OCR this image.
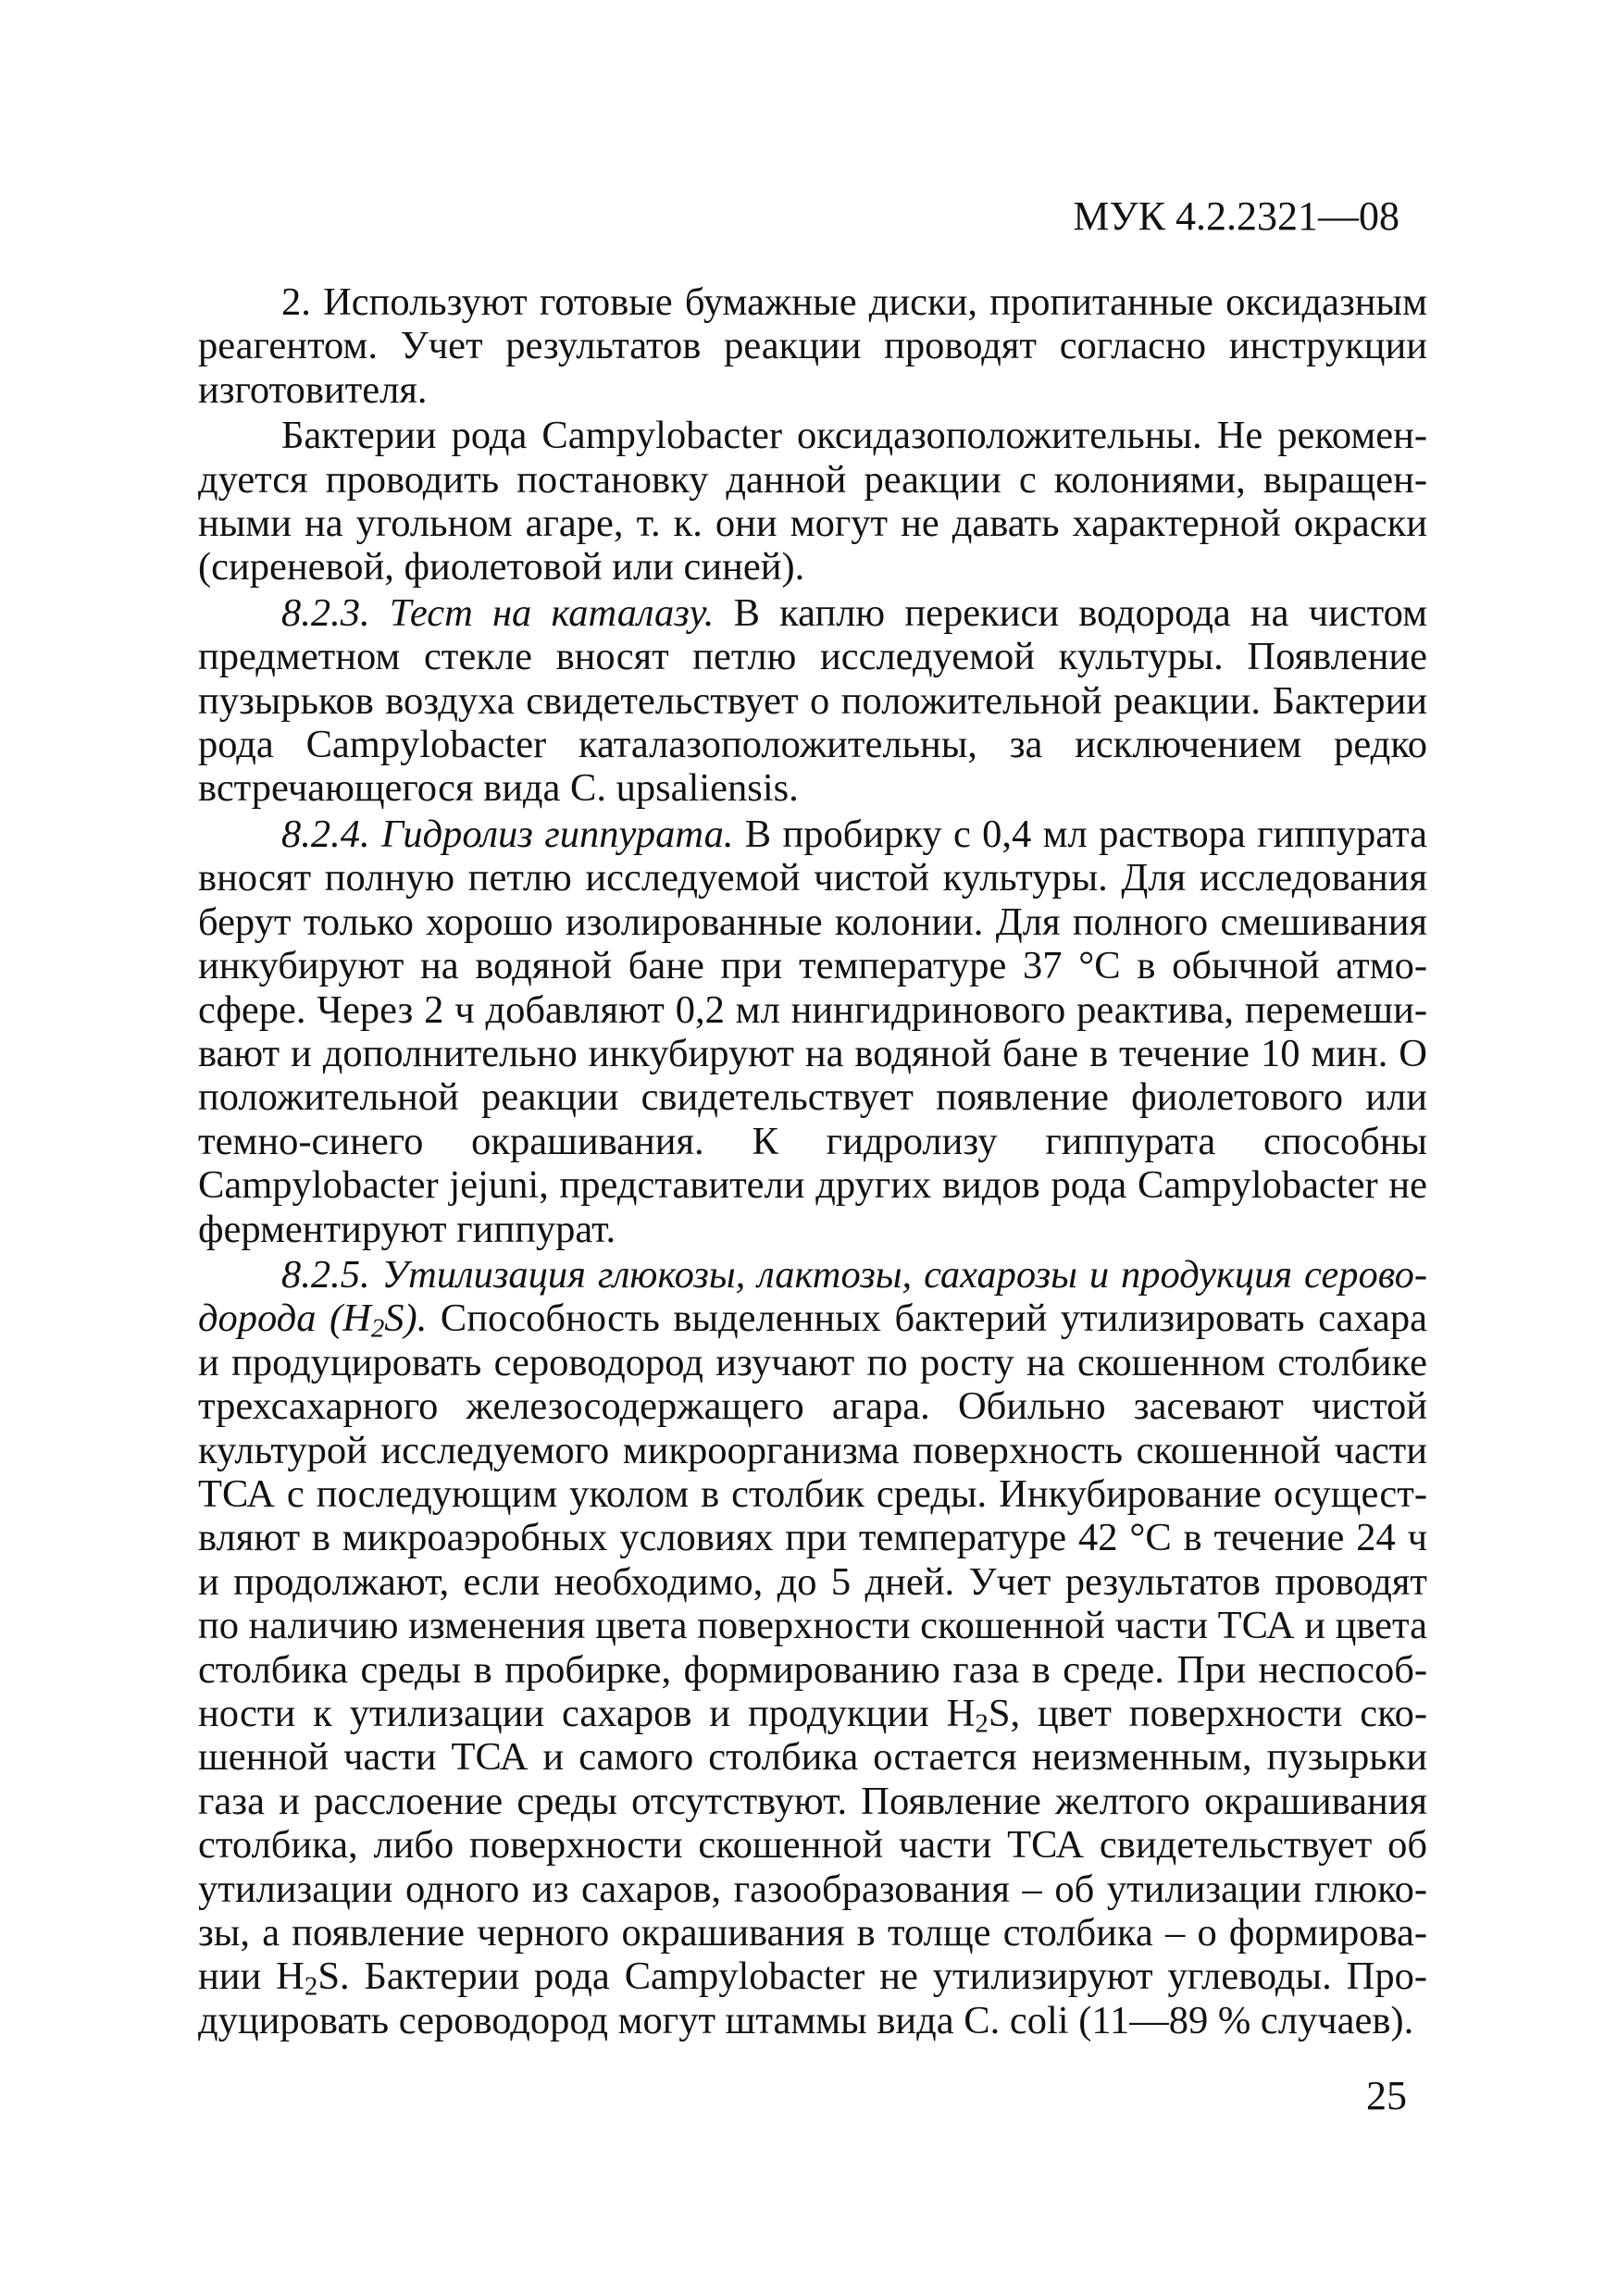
МУК 4.2.2321—08

2. Используют готовые бумажные диски, пропитанные оксидазным реагентом. Учет результатов реакции проводят согласно инструкции изготовителя.

Бактерии рода Campylobacter оксидазоположительны. Не рекомендуется проводить постановку данной реакции с колониями, выращенными на угольном агаре, т. к. они могут не давать характерной окраски (сиреневой, фиолетовой или синей).

8.2.3. Тест на каталазу. В каплю перекиси водорода на чистом предметном стекле вносят петлю исследуемой культуры. Появление пузырьков воздуха свидетельствует о положительной реакции. Бактерии рода Campylobacter каталазоположительны, за исключением редко встречающегося вида C. upsaliensis.

8.2.4. Гидролиз гиппурата. В пробирку с 0,4 мл раствора гиппурата вносят полную петлю исследуемой чистой культуры. Для исследования берут только хорошо изолированные колонии. Для полного смешивания инкубируют на водяной бане при температуре 37 °С в обычной атмосфере. Через 2 ч добавляют 0,2 мл нингидринового реактива, перемешивают и дополнительно инкубируют на водяной бане в течение 10 мин. О положительной реакции свидетельствует появление фиолетового или темно-синего окрашивания. К гидролизу гиппурата способны Campylobacter jejuni, представители других видов рода Campylobacter не ферментируют гиппурат.

8.2.5. Утилизация глюкозы, лактозы, сахарозы и продукция сероводорода $(H_2S)$. Способность выделенных бактерий утилизировать сахара и продуцировать сероводород изучают по росту на скошенном столбике трехсахарного железосодержащего агара. Обильно засевают чистой культурой исследуемого микроорганизма поверхность скошенной части ТСА с последующим уколом в столбик среды. Инкубирование осуществляют в микроаэробных условиях при температуре 42 °С в течение 24 ч и продолжают, если необходимо, до 5 дней. Учет результатов проводят по наличию изменения цвета поверхности скошенной части ТСА и цвета столбика среды в пробирке, формированию газа в среде. При неспособности к утилизации сахаров и продукции $H_2S$, цвет поверхности скошенной части ТСА и самого столбика остается неизменным, пузырьки газа и расслоение среды отсутствуют. Появление желтого окрашивания столбика, либо поверхности скошенной части ТСА свидетельствует об утилизации одного из сахаров, газообразования – об утилизации глюкозы, а появление черного окрашивания в толще столбика – о формировании $H_2S$. Бактерии рода Campylobacter не утилизируют углеводы. Продуцировать сероводород могут штаммы вида C. coli (11—89 % случаев).

25
